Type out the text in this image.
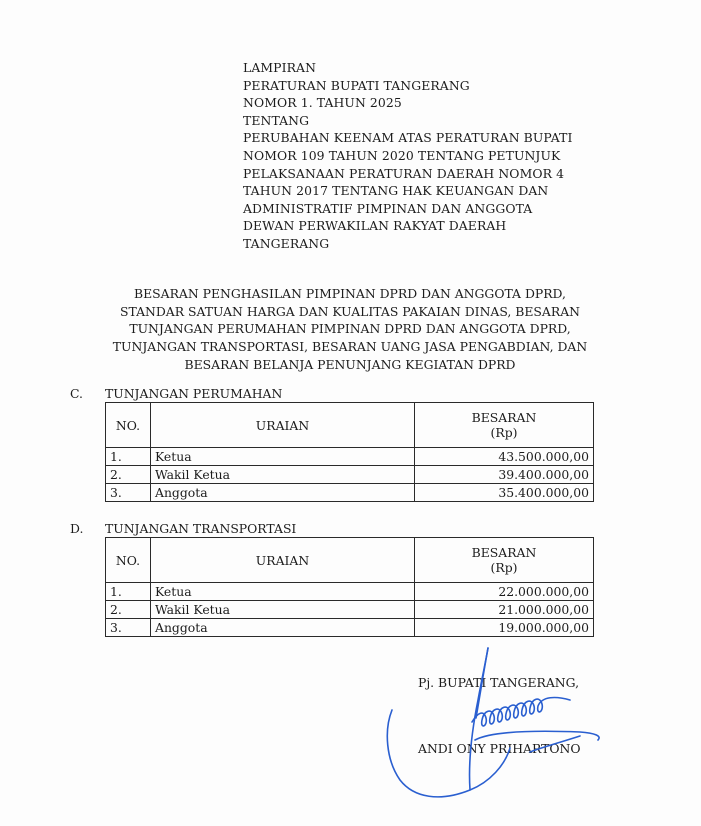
LAMPIRAN
PERATURAN BUPATI TANGERANG
NOMOR 1. TAHUN 2025
TENTANG
PERUBAHAN KEENAM ATAS PERATURAN BUPATI
NOMOR 109 TAHUN 2020 TENTANG PETUNJUK
PELAKSANAAN PERATURAN DAERAH NOMOR 4
TAHUN 2017 TENTANG HAK KEUANGAN DAN
ADMINISTRATIF PIMPINAN DAN ANGGOTA
DEWAN PERWAKILAN RAKYAT DAERAH
TANGERANG
BESARAN PENGHASILAN PIMPINAN DPRD DAN ANGGOTA DPRD,
STANDAR SATUAN HARGA DAN KUALITAS PAKAIAN DINAS, BESARAN
TUNJANGAN PERUMAHAN PIMPINAN DPRD DAN ANGGOTA DPRD,
TUNJANGAN TRANSPORTASI, BESARAN UANG JASA PENGABDIAN, DAN
BESARAN BELANJA PENUNJANG KEGIATAN DPRD
C. TUNJANGAN PERUMAHAN
NO.	URAIAN	BESARAN
(Rp)

1.	Ketua	43.500.000,00
2.	Wakil Ketua	39.400.000,00
3.	Anggota	35.400.000,00
D. TUNJANGAN TRANSPORTASI
NO.	URAIAN	BESARAN
(Rp)

1.	Ketua	22.000.000,00
2.	Wakil Ketua	21.000.000,00
3.	Anggota	19.000.000,00
Pj. BUPATI TANGERANG,
ANDI ONY PRIHARTONO
